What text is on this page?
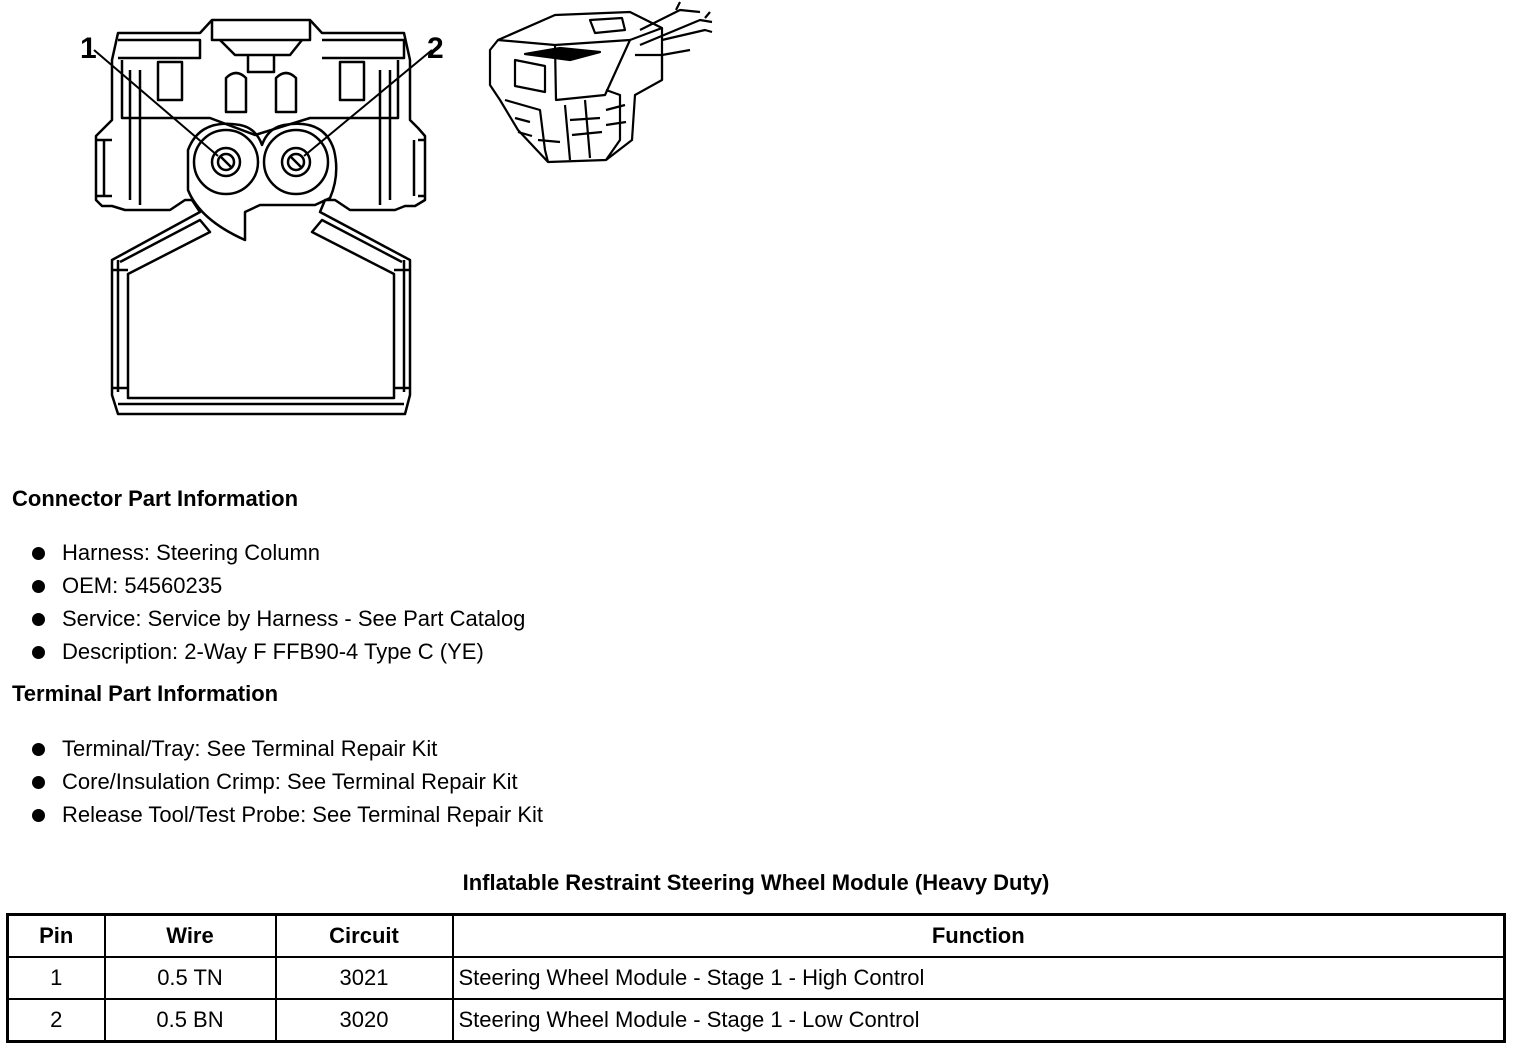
1	2
Connector Part Information
Harness: Steering Column
OEM: 54560235
Service: Service by Harness - See Part Catalog
Description: 2-Way F FFB90-4 Type C (YE)
Terminal Part Information
Terminal/Tray: See Terminal Repair Kit
Core/Insulation Crimp: See Terminal Repair Kit
Release Tool/Test Probe: See Terminal Repair Kit
Inflatable Restraint Steering Wheel Module (Heavy Duty)
Pin	Wire	Circuit	Function
1	0.5 TN	3021	Steering Wheel Module - Stage 1 - High Control
2	0.5 BN	3020	Steering Wheel Module - Stage 1 - Low Control
